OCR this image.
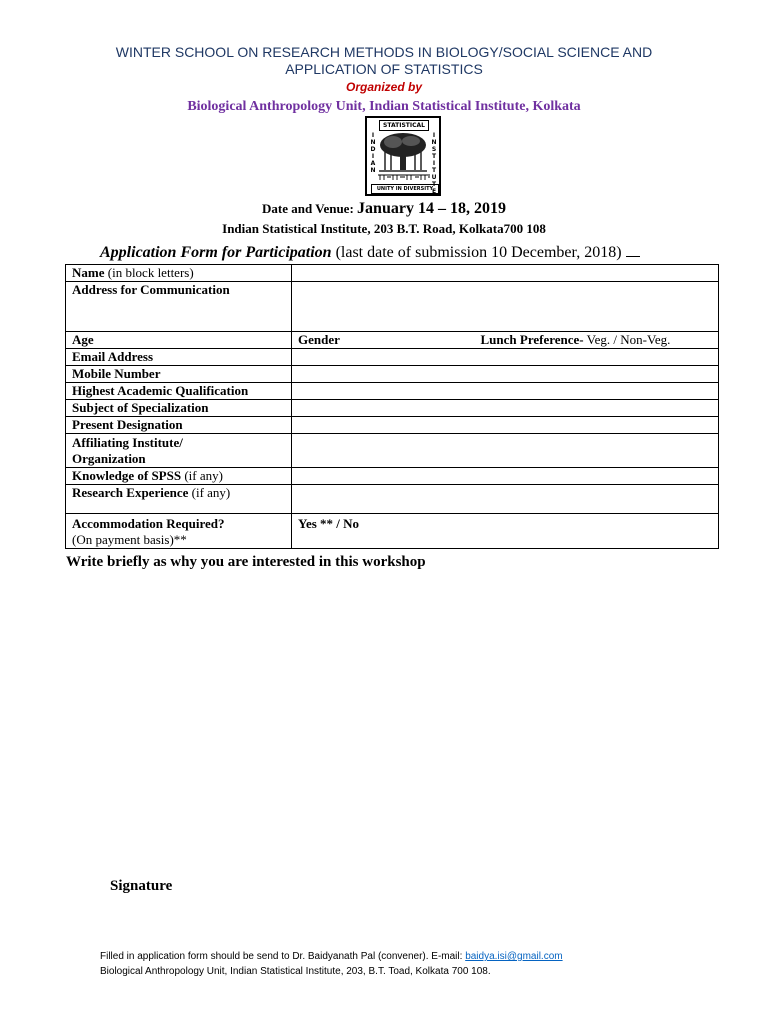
WINTER SCHOOL ON RESEARCH METHODS IN BIOLOGY/SOCIAL SCIENCE AND
APPLICATION OF STATISTICS
Organized by
Biological Anthropology Unit, Indian Statistical Institute, Kolkata
STATISTICAL
I
N
D
I
A
N
I
N
S
T
I
T
U
T
E
UNITY IN DIVERSITY
Date and Venue: January 14 – 18, 2019
Indian Statistical Institute, 203 B.T. Road, Kolkata700 108
Application Form for Participation (last date of submission 10 December, 2018)
Name (in block letters)		
Address for Communication		
Age	Gender	Lunch Preference- Veg. / Non-Veg.
Email Address		
Mobile Number		
Highest Academic Qualification		
Subject of Specialization		
Present Designation		

Affiliating Institute/
Organization		

Knowledge of SPSS (if any)		
Research Experience (if any)		

Accommodation Required?
(On payment basis)**	Yes ** / No	
Write briefly as why you are interested in this workshop
Signature
Filled in application form should be send to Dr. Baidyanath Pal (convener). E-mail: baidya.isi@gmail.com
Biological Anthropology Unit, Indian Statistical Institute, 203, B.T. Toad, Kolkata 700 108.
